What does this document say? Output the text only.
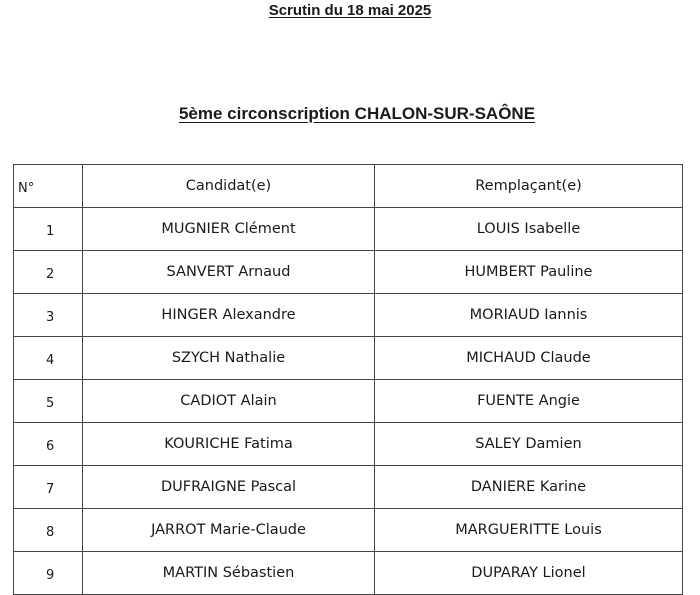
Scrutin du 18 mai 2025
5ème circonscription CHALON-SUR-SAÔNE
N°	Candidat(e)	Remplaçant(e)
1	MUGNIER Clément	LOUIS Isabelle
2	SANVERT Arnaud	HUMBERT Pauline
3	HINGER Alexandre	MORIAUD Iannis
4	SZYCH Nathalie	MICHAUD Claude
5	CADIOT Alain	FUENTE Angie
6	KOURICHE Fatima	SALEY Damien
7	DUFRAIGNE Pascal	DANIERE Karine
8	JARROT Marie-Claude	MARGUERITTE Louis
9	MARTIN Sébastien	DUPARAY Lionel
